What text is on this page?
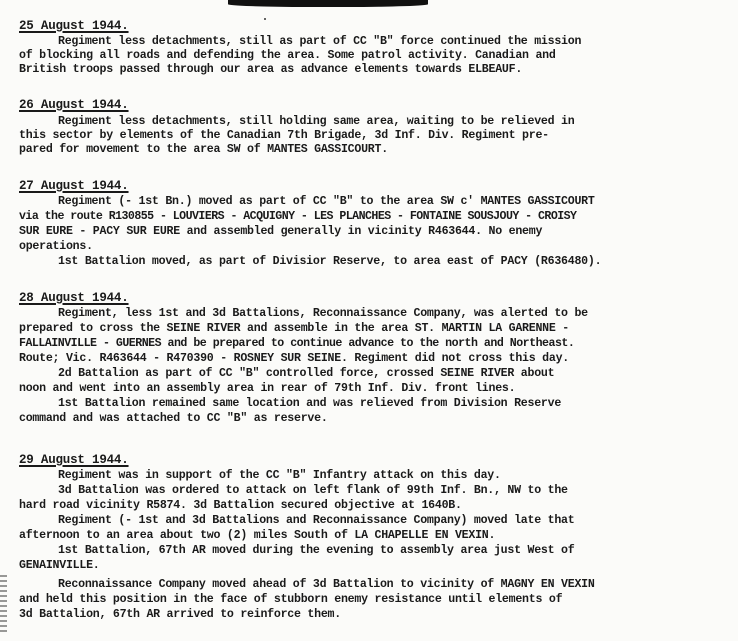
25 August 1944.
Regiment less detachments, still as part of CC "B" force continued the mission
of blocking all roads and defending the area. Some patrol activity. Canadian and
British troops passed through our area as advance elements towards ELBEAUF.
26 August 1944.
Regiment less detachments, still holding same area, waiting to be relieved in
this sector by elements of the Canadian 7th Brigade, 3d Inf. Div. Regiment pre-
pared for movement to the area SW of MANTES GASSICOURT.
27 August 1944.
Regiment (- 1st Bn.) moved as part of CC "B" to the area SW c' MANTES GASSICOURT
via the route R130855 - LOUVIERS - ACQUIGNY - LES PLANCHES - FONTAINE SOUSJOUY - CROISY
SUR EURE - PACY SUR EURE and assembled generally in vicinity R463644. No enemy
operations.
1st Battalion moved, as part of Divisior Reserve, to area east of PACY (R636480).
28 August 1944.
Regiment, less 1st and 3d Battalions, Reconnaissance Company, was alerted to be
prepared to cross the SEINE RIVER and assemble in the area ST. MARTIN LA GARENNE -
FALLAINVILLE - GUERNES and be prepared to continue advance to the north and Northeast.
Route; Vic. R463644 - R470390 - ROSNEY SUR SEINE. Regiment did not cross this day.
2d Battalion as part of CC "B" controlled force, crossed SEINE RIVER about
noon and went into an assembly area in rear of 79th Inf. Div. front lines.
1st Battalion remained same location and was relieved from Division Reserve
command and was attached to CC "B" as reserve.
29 August 1944.
Regiment was in support of the CC "B" Infantry attack on this day.
3d Battalion was ordered to attack on left flank of 99th Inf. Bn., NW to the
hard road vicinity R5874. 3d Battalion secured objective at 1640B.
Regiment (- 1st and 3d Battalions and Reconnaissance Company) moved late that
afternoon to an area about two (2) miles South of LA CHAPELLE EN VEXIN.
1st Battalion, 67th AR moved during the evening to assembly area just West of
GENAINVILLE.
Reconnaissance Company moved ahead of 3d Battalion to vicinity of MAGNY EN VEXIN
and held this position in the face of stubborn enemy resistance until elements of
3d Battalion, 67th AR arrived to reinforce them.
